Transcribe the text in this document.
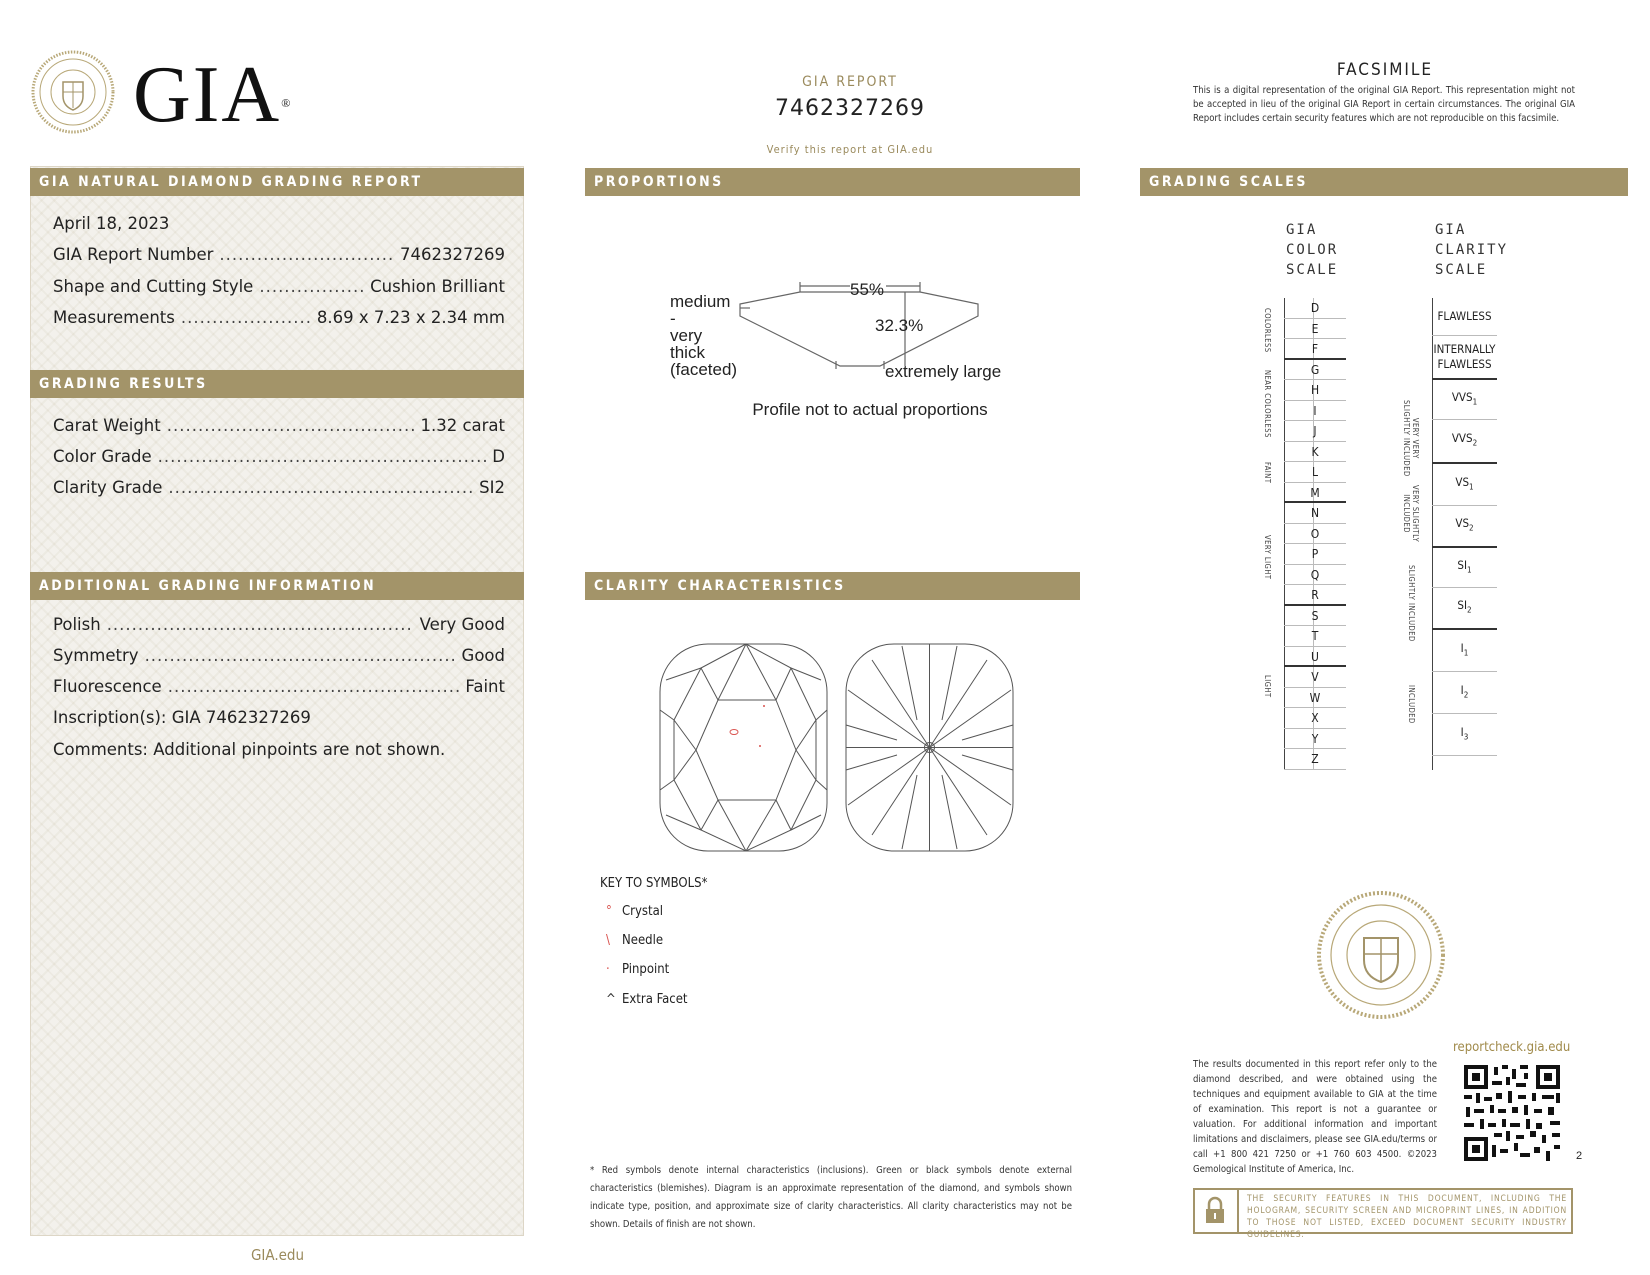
GIA®
GIA REPORT
7462327269
Verify this report at GIA.edu
FACSIMILE
This is a digital representation of the original GIA Report. This representation might not be accepted in lieu of the original GIA Report in certain circumstances. The original GIA Report includes certain security features which are not reproducible on this facsimile.
GIA NATURAL DIAMOND GRADING REPORT
April 18, 2023
GIA Report Number .....	7462327269
Shape and Cutting Style .....	Cushion Brilliant
Measurements .....	8.69 x 7.23 x 2.34 mm
GRADING RESULTS
Carat Weight .....	1.32 carat
Color Grade .....	D
Clarity Grade .....	SI2
ADDITIONAL GRADING INFORMATION
Polish .....	Very Good
Symmetry .....	Good
Fluorescence .....	Faint
Inscription(s): GIA 7462327269
Comments: Additional pinpoints are not shown.
GIA.edu
PROPORTIONS
55%
32.3%
medium
-
very
thick
(faceted)	extremely large
Profile not to actual proportions
CLARITY CHARACTERISTICS
KEY TO SYMBOLS*
° Crystal
\ Needle
· Pinpoint
^ Extra Facet
* Red symbols denote internal characteristics (inclusions). Green or black symbols denote external characteristics (blemishes). Diagram is an approximate representation of the diamond, and symbols shown indicate type, position, and approximate size of clarity characteristics. All clarity characteristics may not be shown. Details of finish are not shown.
GRADING SCALES
GIA
COLOR
SCALE
GIA
CLARITY
SCALE
D
E
F
G
H
I
J
K
L
M
N
O
P
Q
R
S
T
U
V
W
X
Y
Z
COLORLESS
NEAR COLORLESS
FAINT
VERY LIGHT
LIGHT
FLAWLESS
INTERNALLY
FLAWLESS
$VVS_1$
$VVS_2$
$VS_1$
$VS_2$
$SI_1$
$SI_2$
$I_1$
$I_2$
$I_3$
VERY VERY
SLIGHTLY INCLUDED
VERY SLIGHTLY
INCLUDED
SLIGHTLY INCLUDED
INCLUDED
reportcheck.gia.edu
The results documented in this report refer only to the diamond described, and were obtained using the techniques and equipment available to GIA at the time of examination. This report is not a guarantee or valuation. For additional information and important limitations and disclaimers, please see GIA.edu/terms or call +1 800 421 7250 or +1 760 603 4500. ©2023 Gemological Institute of America, Inc.
2
THE SECURITY FEATURES IN THIS DOCUMENT, INCLUDING THE HOLOGRAM, SECURITY SCREEN AND MICROPRINT LINES, IN ADDITION TO THOSE NOT LISTED, EXCEED DOCUMENT SECURITY INDUSTRY GUIDELINES.
